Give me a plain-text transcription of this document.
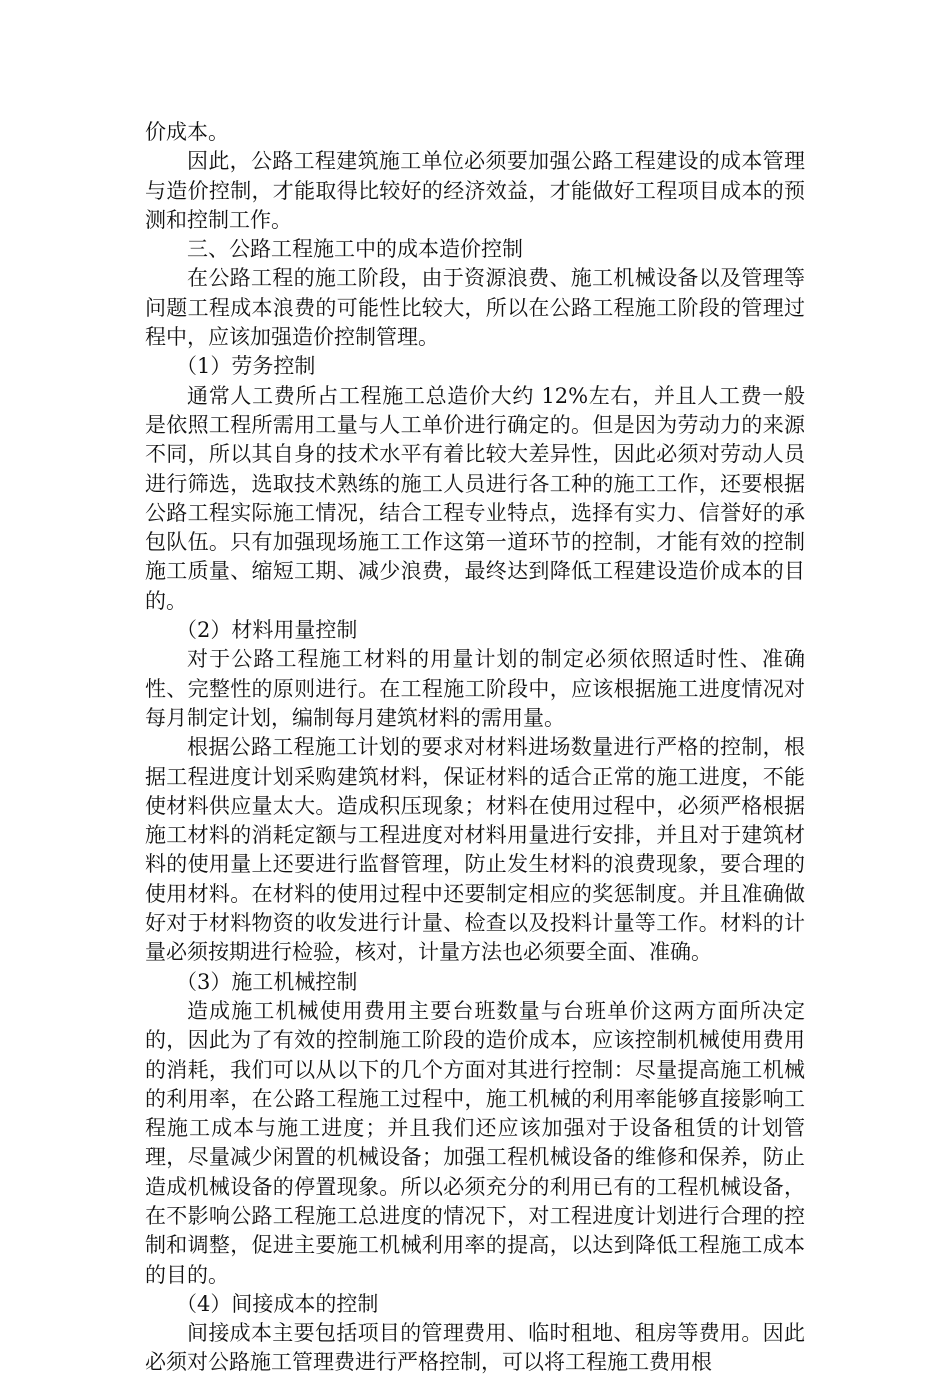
价成本。

因此，公路工程建筑施工单位必须要加强公路工程建设的成本管理与造价控制，才能取得比较好的经济效益，才能做好工程项目成本的预测和控制工作。

三、公路工程施工中的成本造价控制

在公路工程的施工阶段，由于资源浪费、施工机械设备以及管理等问题工程成本浪费的可能性比较大，所以在公路工程施工阶段的管理过程中，应该加强造价控制管理。

（1）劳务控制

通常人工费所占工程施工总造价大约 12%左右，并且人工费一般是依照工程所需用工量与人工单价进行确定的。但是因为劳动力的来源不同，所以其自身的技术水平有着比较大差异性，因此必须对劳动人员进行筛选，选取技术熟练的施工人员进行各工种的施工工作，还要根据公路工程实际施工情况，结合工程专业特点，选择有实力、信誉好的承包队伍。只有加强现场施工工作这第一道环节的控制，才能有效的控制施工质量、缩短工期、减少浪费，最终达到降低工程建设造价成本的目的。

（2）材料用量控制

对于公路工程施工材料的用量计划的制定必须依照适时性、准确性、完整性的原则进行。在工程施工阶段中，应该根据施工进度情况对每月制定计划，编制每月建筑材料的需用量。

根据公路工程施工计划的要求对材料进场数量进行严格的控制，根据工程进度计划采购建筑材料，保证材料的适合正常的施工进度，不能使材料供应量太大。造成积压现象；材料在使用过程中，必须严格根据施工材料的消耗定额与工程进度对材料用量进行安排，并且对于建筑材料的使用量上还要进行监督管理，防止发生材料的浪费现象，要合理的使用材料。在材料的使用过程中还要制定相应的奖惩制度。并且准确做好对于材料物资的收发进行计量、检查以及投料计量等工作。材料的计量必须按期进行检验，核对，计量方法也必须要全面、准确。

（3）施工机械控制

造成施工机械使用费用主要台班数量与台班单价这两方面所决定的，因此为了有效的控制施工阶段的造价成本，应该控制机械使用费用的消耗，我们可以从以下的几个方面对其进行控制：尽量提高施工机械的利用率，在公路工程施工过程中，施工机械的利用率能够直接影响工程施工成本与施工进度；并且我们还应该加强对于设备租赁的计划管理，尽量减少闲置的机械设备；加强工程机械设备的维修和保养，防止造成机械设备的停置现象。所以必须充分的利用已有的工程机械设备，在不影响公路工程施工总进度的情况下，对工程进度计划进行合理的控制和调整，促进主要施工机械利用率的提高，以达到降低工程施工成本的目的。

（4）间接成本的控制

间接成本主要包括项目的管理费用、临时租地、租房等费用。因此必须对公路施工管理费进行严格控制，可以将工程施工费用根
